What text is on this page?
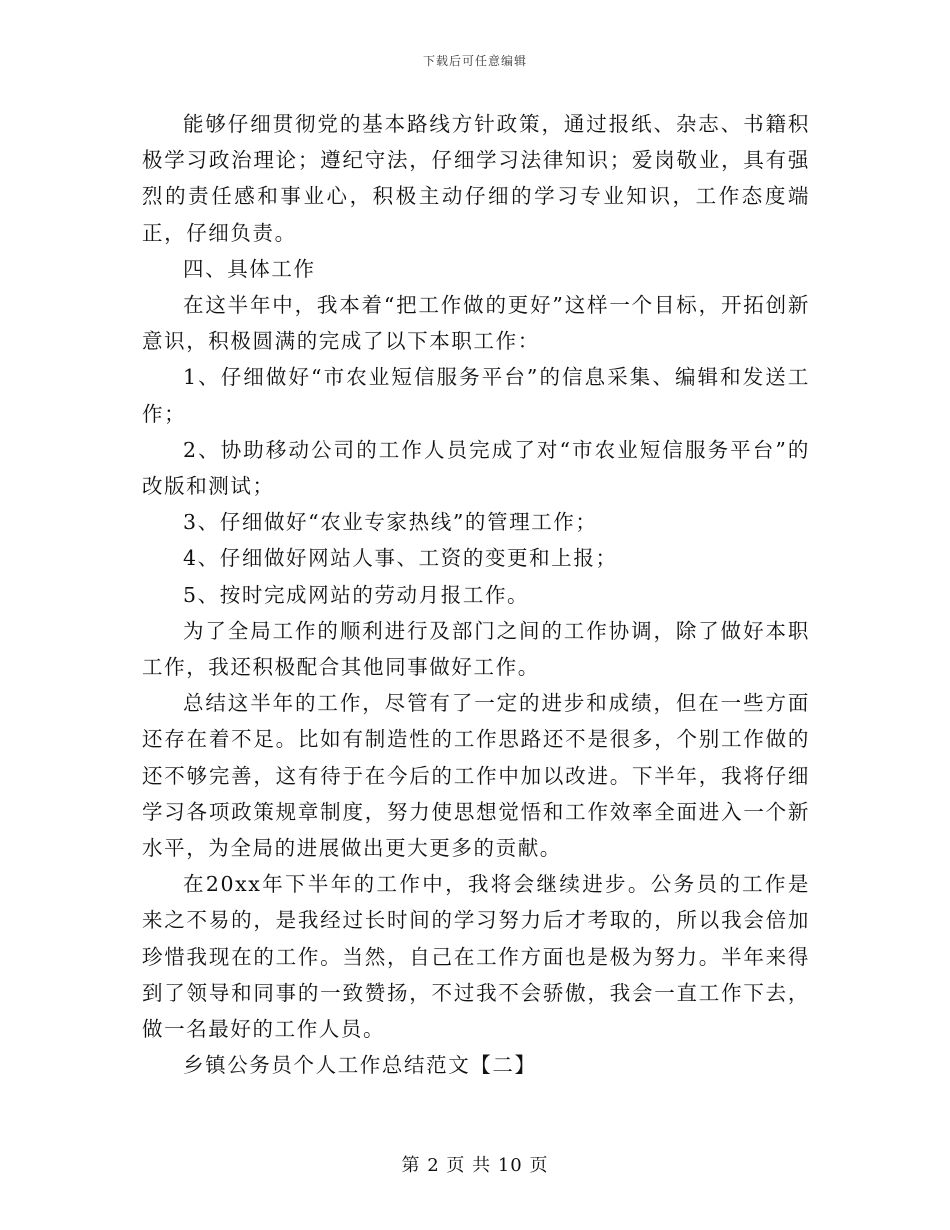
下载后可任意编辑

能够仔细贯彻党的基本路线方针政策，通过报纸、杂志、书籍积极学习政治理论；遵纪守法，仔细学习法律知识；爱岗敬业，具有强烈的责任感和事业心，积极主动仔细的学习专业知识，工作态度端正，仔细负责。

四、具体工作

在这半年中，我本着“把工作做的更好”这样一个目标，开拓创新意识，积极圆满的完成了以下本职工作：

1、仔细做好“市农业短信服务平台”的信息采集、编辑和发送工作；

2、协助移动公司的工作人员完成了对“市农业短信服务平台”的改版和测试；

3、仔细做好“农业专家热线”的管理工作；

4、仔细做好网站人事、工资的变更和上报；

5、按时完成网站的劳动月报工作。

为了全局工作的顺利进行及部门之间的工作协调，除了做好本职工作，我还积极配合其他同事做好工作。

总结这半年的工作，尽管有了一定的进步和成绩，但在一些方面还存在着不足。比如有制造性的工作思路还不是很多，个别工作做的还不够完善，这有待于在今后的工作中加以改进。下半年，我将仔细学习各项政策规章制度，努力使思想觉悟和工作效率全面进入一个新水平，为全局的进展做出更大更多的贡献。

在20xx年下半年的工作中，我将会继续进步。公务员的工作是来之不易的，是我经过长时间的学习努力后才考取的，所以我会倍加珍惜我现在的工作。当然，自己在工作方面也是极为努力。半年来得到了领导和同事的一致赞扬，不过我不会骄傲，我会一直工作下去，做一名最好的工作人员。

乡镇公务员个人工作总结范文【二】

第 2 页 共 10 页
